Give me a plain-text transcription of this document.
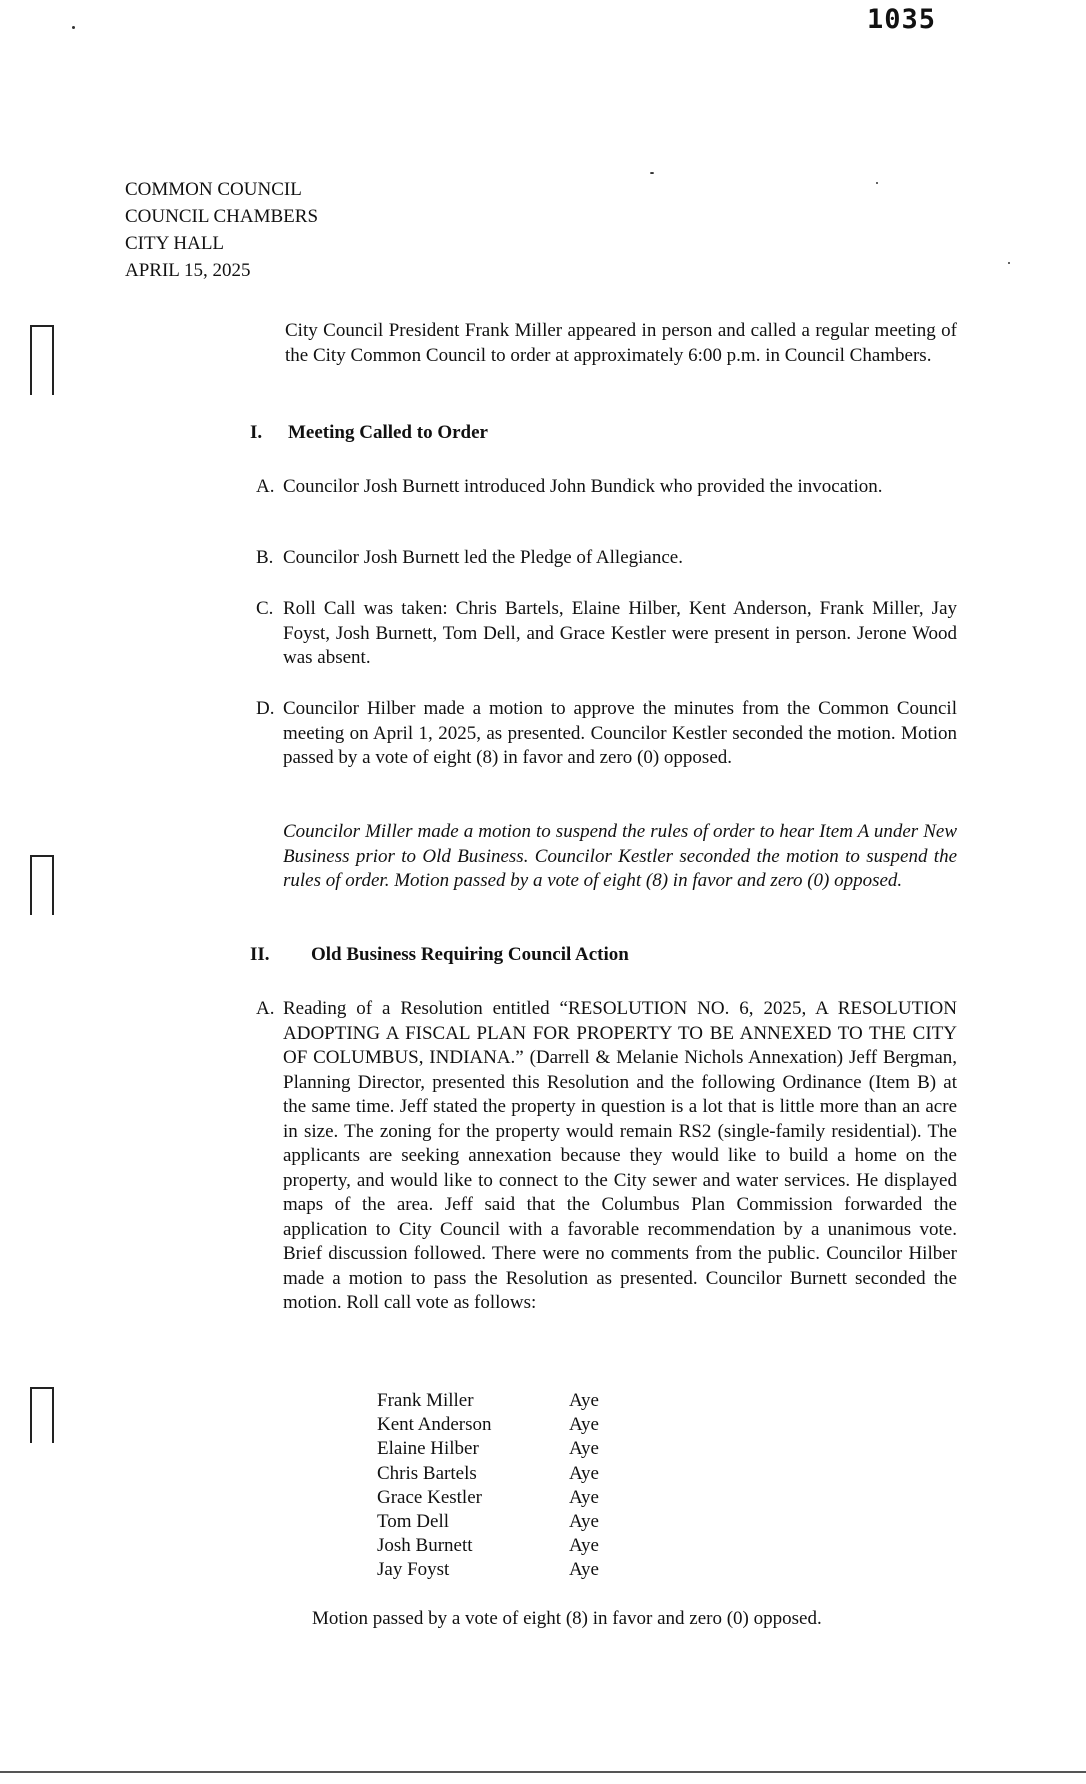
1035
COMMON COUNCIL
COUNCIL CHAMBERS
CITY HALL
APRIL 15, 2025
City Council President Frank Miller appeared in person and called a regular meeting of the City Common Council to order at approximately 6:00 p.m. in Council Chambers.
I. Meeting Called to Order
A. Councilor Josh Burnett introduced John Bundick who provided the invocation.
B. Councilor Josh Burnett led the Pledge of Allegiance.
C. Roll Call was taken: Chris Bartels, Elaine Hilber, Kent Anderson, Frank Miller, Jay Foyst, Josh Burnett, Tom Dell, and Grace Kestler were present in person. Jerone Wood was absent.
D. Councilor Hilber made a motion to approve the minutes from the Common Council meeting on April 1, 2025, as presented. Councilor Kestler seconded the motion. Motion passed by a vote of eight (8) in favor and zero (0) opposed.
Councilor Miller made a motion to suspend the rules of order to hear Item A under New Business prior to Old Business. Councilor Kestler seconded the motion to suspend the rules of order. Motion passed by a vote of eight (8) in favor and zero (0) opposed.
II. Old Business Requiring Council Action
A. Reading of a Resolution entitled “RESOLUTION NO. 6, 2025, A RESOLUTION ADOPTING A FISCAL PLAN FOR PROPERTY TO BE ANNEXED TO THE CITY OF COLUMBUS, INDIANA.” (Darrell & Melanie Nichols Annexation) Jeff Bergman, Planning Director, presented this Resolution and the following Ordinance (Item B) at the same time. Jeff stated the property in question is a lot that is little more than an acre in size. The zoning for the property would remain RS2 (single-family residential). The applicants are seeking annexation because they would like to build a home on the property, and would like to connect to the City sewer and water services. He displayed maps of the area. Jeff said that the Columbus Plan Commission forwarded the application to City Council with a favorable recommendation by a unanimous vote. Brief discussion followed. There were no comments from the public. Councilor Hilber made a motion to pass the Resolution as presented. Councilor Burnett seconded the motion. Roll call vote as follows:
Frank Miller	Aye
Kent Anderson	Aye
Elaine Hilber	Aye
Chris Bartels	Aye
Grace Kestler	Aye
Tom Dell	Aye
Josh Burnett	Aye
Jay Foyst	Aye
Motion passed by a vote of eight (8) in favor and zero (0) opposed.
